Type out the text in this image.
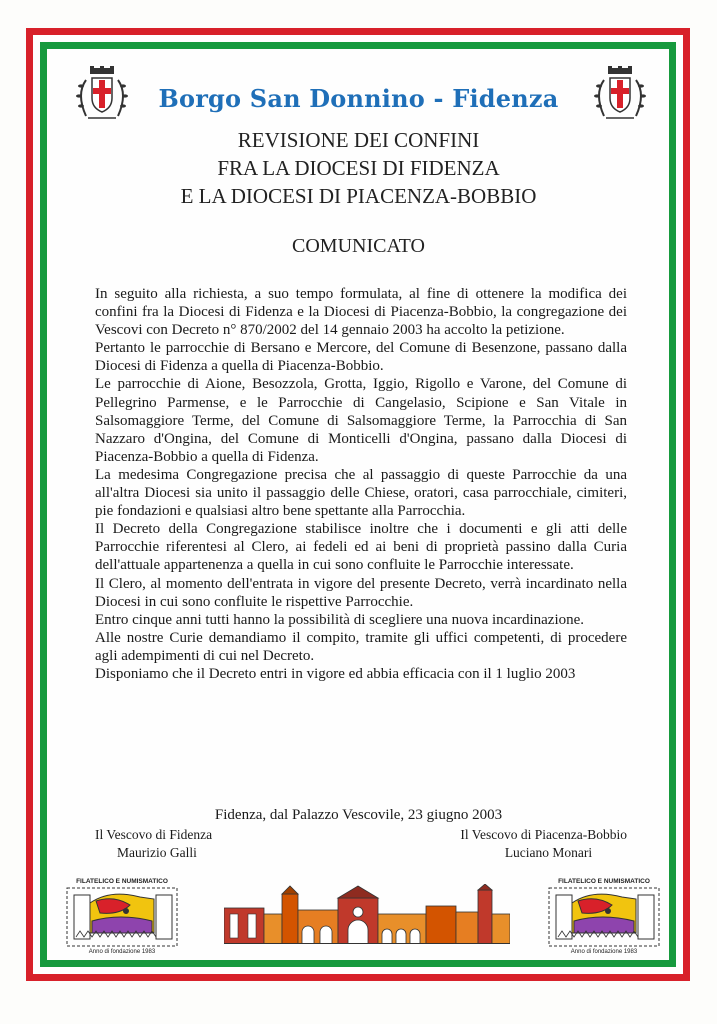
Borgo San Donnino - Fidenza
REVISIONE DEI CONFINI
FRA LA DIOCESI DI FIDENZA
E LA DIOCESI DI PIACENZA-BOBBIO
COMUNICATO

In seguito alla richiesta, a suo tempo formulata, al fine di ottenere la modifica dei confini fra la Diocesi di Fidenza e la Diocesi di Piacenza-Bobbio, la congregazione dei Vescovi con Decreto n° 870/2002 del 14 gennaio 2003 ha accolto la petizione.

Pertanto le parrocchie di Bersano e Mercore, del Comune di Besenzone, passano dalla Diocesi di Fidenza a quella di Piacenza-Bobbio.

Le parrocchie di Aione, Besozzola, Grotta, Iggio, Rigollo e Varone, del Comune di Pellegrino Parmense, e le Parrocchie di Cangelasio, Scipione e San Vitale in Salsomaggiore Terme, del Comune di Salsomaggiore Terme, la Parrocchia di San Nazzaro d'Ongina, del Comune di Monticelli d'Ongina, passano dalla Diocesi di Piacenza-Bobbio a quella di Fidenza.

La medesima Congregazione precisa che al passaggio di queste Parrocchie da una all'altra Diocesi sia unito il passaggio delle Chiese, oratori, casa parrocchiale, cimiteri, pie fondazioni e qualsiasi altro bene spettante alla Parrocchia.

Il Decreto della Congregazione stabilisce inoltre che i documenti e gli atti delle Parrocchie riferentesi al Clero, ai fedeli ed ai beni di proprietà passino dalla Curia dell'attuale appartenenza a quella in cui sono confluite le Parrocchie interessate.

Il Clero, al momento dell'entrata in vigore del presente Decreto, verrà incardinato nella Diocesi in cui sono confluite le rispettive Parrocchie.

Entro cinque anni tutti hanno la possibilità di scegliere una nuova incardinazione.

Alle nostre Curie demandiamo il compito, tramite gli uffici competenti, di procedere agli adempimenti di cui nel Decreto.

Disponiamo che il Decreto entri in vigore ed abbia efficacia con il 1 luglio 2003

Fidenza, dal Palazzo Vescovile, 23 giugno 2003
Il Vescovo di Fidenza
Maurizio Galli
Il Vescovo di Piacenza-Bobbio
Luciano Monari
FILATELICO E NUMISMATICO
Anno di fondazione 1983
FILATELICO E NUMISMATICO
Anno di fondazione 1983
